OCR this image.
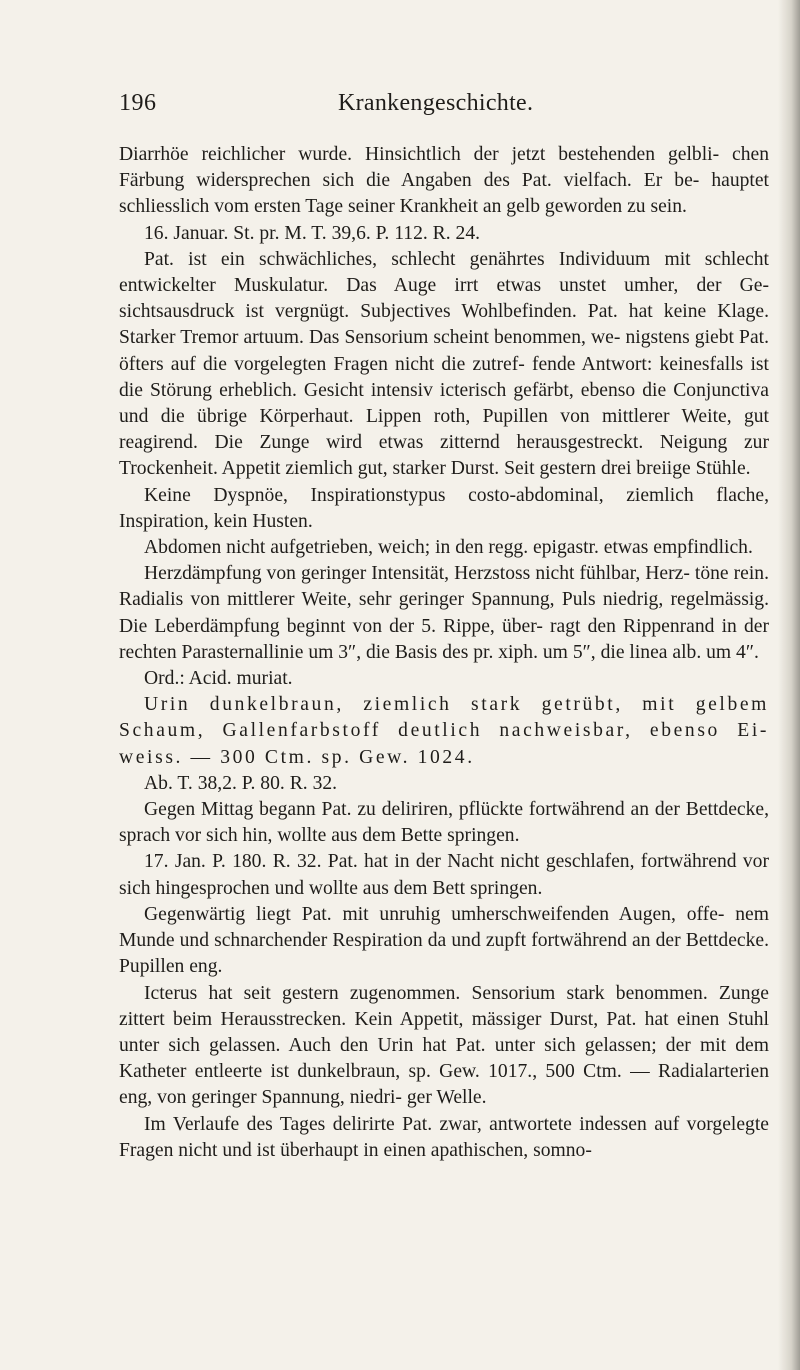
196	Krankengeschichte.

Diarrhöe reichlicher wurde. Hinsichtlich der jetzt bestehenden gelbli- chen Färbung widersprechen sich die Angaben des Pat. vielfach. Er be- hauptet schliesslich vom ersten Tage seiner Krankheit an gelb geworden zu sein.

16. Januar. St. pr. M. T. 39,6. P. 112. R. 24.

Pat. ist ein schwächliches, schlecht genährtes Individuum mit schlecht entwickelter Muskulatur. Das Auge irrt etwas unstet umher, der Ge- sichtsausdruck ist vergnügt. Subjectives Wohlbefinden. Pat. hat keine Klage. Starker Tremor artuum. Das Sensorium scheint benommen, we- nigstens giebt Pat. öfters auf die vorgelegten Fragen nicht die zutref- fende Antwort: keinesfalls ist die Störung erheblich. Gesicht intensiv icterisch gefärbt, ebenso die Conjunctiva und die übrige Körperhaut. Lippen roth, Pupillen von mittlerer Weite, gut reagirend. Die Zunge wird etwas zitternd herausgestreckt. Neigung zur Trockenheit. Appetit ziemlich gut, starker Durst. Seit gestern drei breiige Stühle.

Keine Dyspnöe, Inspirationstypus costo-abdominal, ziemlich flache, Inspiration, kein Husten.

Abdomen nicht aufgetrieben, weich; in den regg. epigastr. etwas empfindlich.

Herzdämpfung von geringer Intensität, Herzstoss nicht fühlbar, Herz- töne rein. Radialis von mittlerer Weite, sehr geringer Spannung, Puls niedrig, regelmässig. Die Leberdämpfung beginnt von der 5. Rippe, über- ragt den Rippenrand in der rechten Parasternallinie um 3″, die Basis des pr. xiph. um 5″, die linea alb. um 4″.

Ord.: Acid. muriat.

Urin dunkelbraun, ziemlich stark getrübt, mit gelbem Schaum, Gallenfarbstoff deutlich nachweisbar, ebenso Ei- weiss. — 300 Ctm. sp. Gew. 1024.

Ab. T. 38,2. P. 80. R. 32.

Gegen Mittag begann Pat. zu deliriren, pflückte fortwährend an der Bettdecke, sprach vor sich hin, wollte aus dem Bette springen.

17. Jan. P. 180. R. 32. Pat. hat in der Nacht nicht geschlafen, fortwährend vor sich hingesprochen und wollte aus dem Bett springen.

Gegenwärtig liegt Pat. mit unruhig umherschweifenden Augen, offe- nem Munde und schnarchender Respiration da und zupft fortwährend an der Bettdecke. Pupillen eng.

Icterus hat seit gestern zugenommen. Sensorium stark benommen. Zunge zittert beim Herausstrecken. Kein Appetit, mässiger Durst, Pat. hat einen Stuhl unter sich gelassen. Auch den Urin hat Pat. unter sich gelassen; der mit dem Katheter entleerte ist dunkelbraun, sp. Gew. 1017., 500 Ctm. — Radialarterien eng, von geringer Spannung, niedri- ger Welle.

Im Verlaufe des Tages delirirte Pat. zwar, antwortete indessen auf vorgelegte Fragen nicht und ist überhaupt in einen apathischen, somno-
